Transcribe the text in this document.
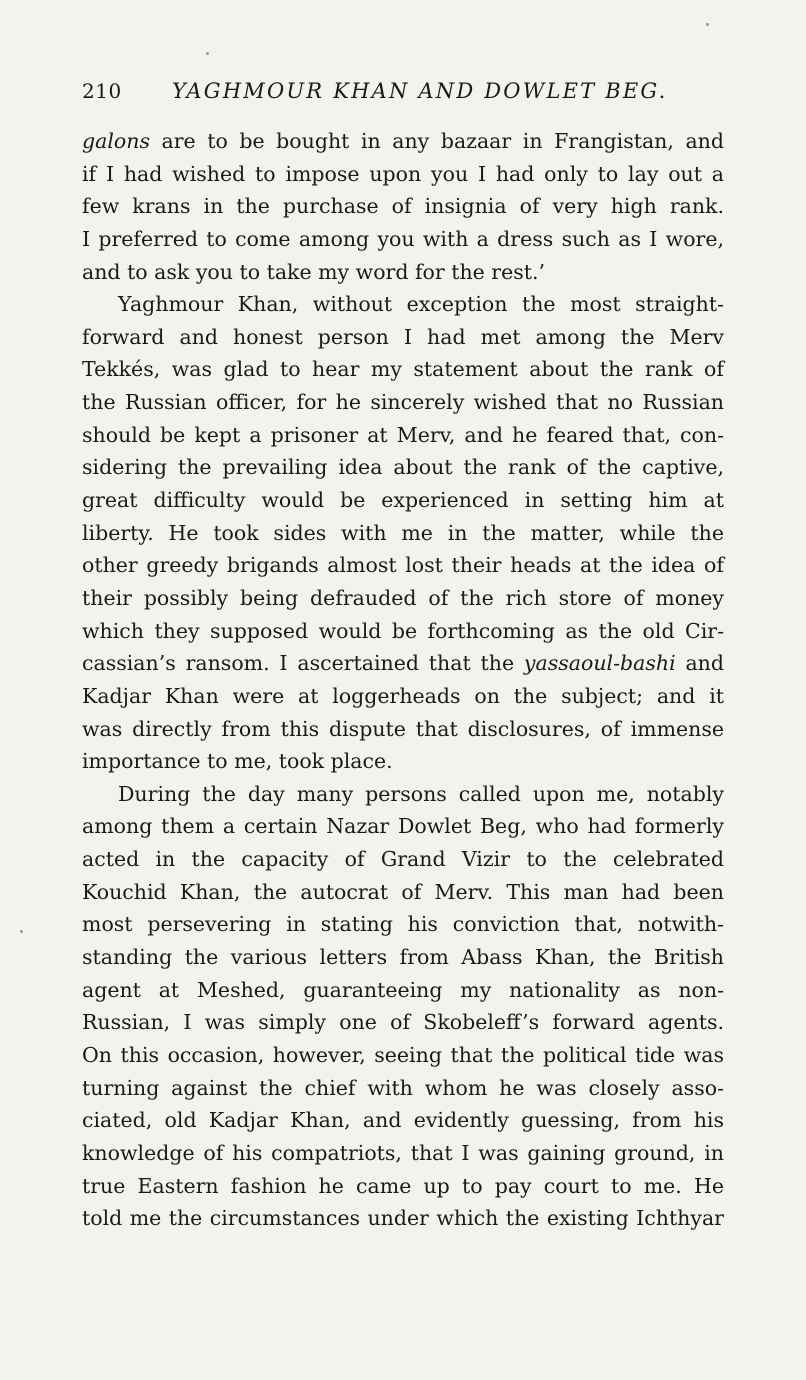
210 YAGHMOUR KHAN AND DOWLET BEG.
galons are to be bought in any bazaar in Frangistan, and
if I had wished to impose upon you I had only to lay out a
few krans in the purchase of insignia of very high rank.
I preferred to come among you with a dress such as I wore,
and to ask you to take my word for the rest.’
Yaghmour Khan, without exception the most straight-
forward and honest person I had met among the Merv
Tekkés, was glad to hear my statement about the rank of
the Russian officer, for he sincerely wished that no Russian
should be kept a prisoner at Merv, and he feared that, con-
sidering the prevailing idea about the rank of the captive,
great difficulty would be experienced in setting him at
liberty. He took sides with me in the matter, while the
other greedy brigands almost lost their heads at the idea of
their possibly being defrauded of the rich store of money
which they supposed would be forthcoming as the old Cir-
cassian’s ransom. I ascertained that the yassaoul-bashi and
Kadjar Khan were at loggerheads on the subject; and it
was directly from this dispute that disclosures, of immense
importance to me, took place.
During the day many persons called upon me, notably
among them a certain Nazar Dowlet Beg, who had formerly
acted in the capacity of Grand Vizir to the celebrated
Kouchid Khan, the autocrat of Merv. This man had been
most persevering in stating his conviction that, notwith-
standing the various letters from Abass Khan, the British
agent at Meshed, guaranteeing my nationality as non-
Russian, I was simply one of Skobeleff’s forward agents.
On this occasion, however, seeing that the political tide was
turning against the chief with whom he was closely asso-
ciated, old Kadjar Khan, and evidently guessing, from his
knowledge of his compatriots, that I was gaining ground, in
true Eastern fashion he came up to pay court to me. He
told me the circumstances under which the existing Ichthyar
